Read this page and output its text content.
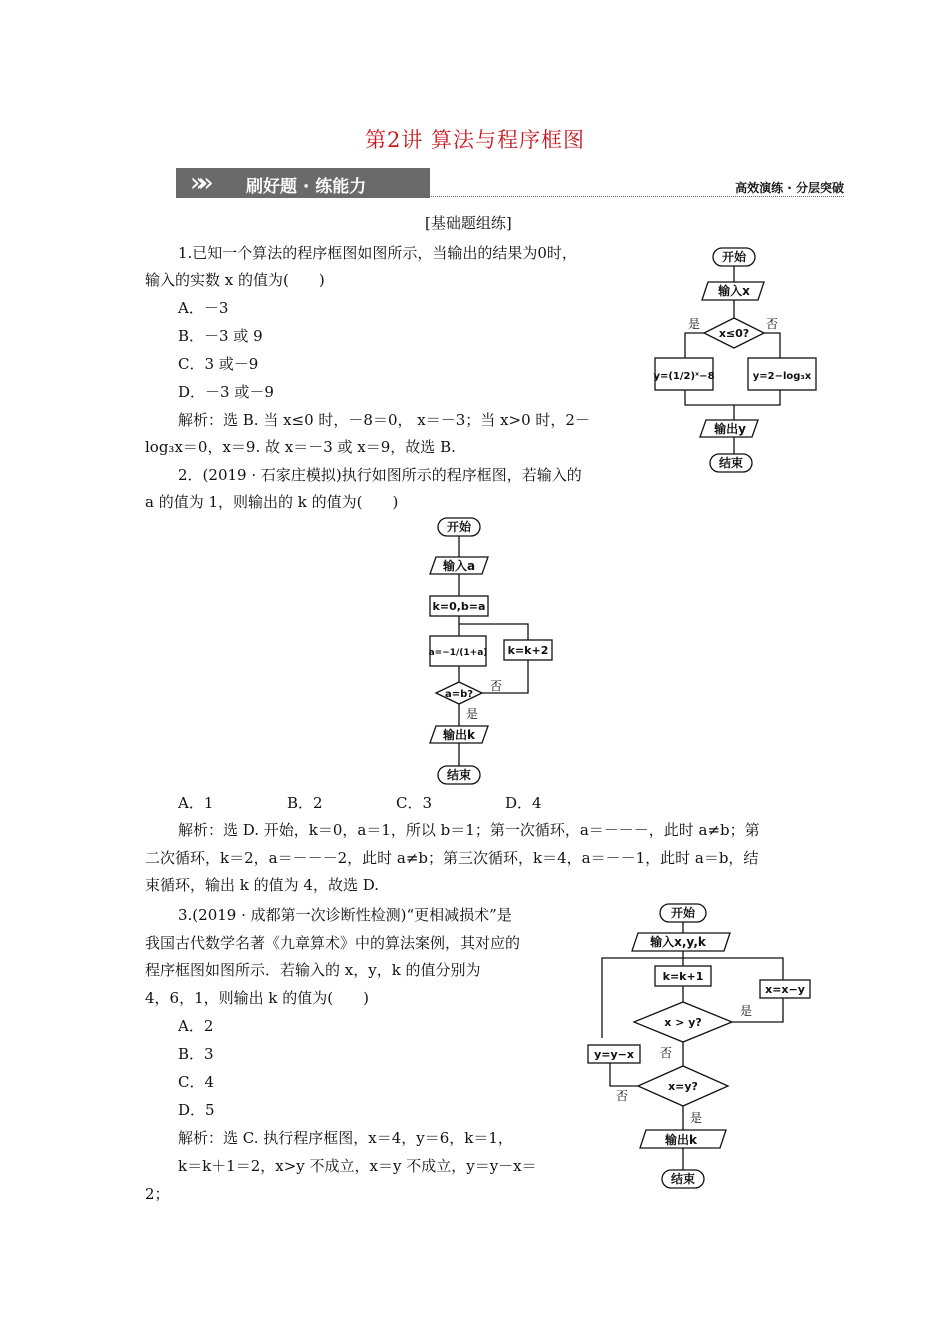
第2讲 算法与程序框图
»» 刷好题 · 练能力	高效演练 · 分层突破
[基础题组练]
1.已知一个算法的程序框图如图所示，当输出的结果为0时，
输入的实数 x 的值为(　　)
A．－3
B．－3 或 9
C．3 或－9
D．－3 或－9
解析：选 B. 当 x≤0 时，－8＝0， x＝－3；当 x>0 时，2－
log₃x＝0，x＝9. 故 x＝－3 或 x＝9，故选 B.
开始
输入x
x≤0?
y=(1/2)ˣ−8	y=2−log₃x
输出y
结束
是	否
2．(2019 · 石家庄模拟)执行如图所示的程序框图，若输入的
a 的值为 1，则输出的 k 的值为(　　)
开始
输入a
k=0,b=a
a=−1/(1+a) k=k+2
a=b?
输出k
结束
否
是
A．1	B．2	C．3	D．4
解析：选 D. 开始，k＝0，a＝1，所以 b＝1；第一次循环，a＝－－－，此时 a≠b；第
二次循环，k＝2，a＝－－－2，此时 a≠b；第三次循环，k＝4，a＝－－1，此时 a＝b，结
束循环，输出 k 的值为 4，故选 D.
3.(2019 · 成都第一次诊断性检测)“更相减损术”是
我国古代数学名著《九章算术》中的算法案例，其对应的
程序框图如图所示．若输入的 x，y，k 的值分别为
4，6，1，则输出 k 的值为(　　)
A．2
B．3
C．4
D．5
解析：选 C. 执行程序框图，x＝4，y＝6，k＝1，
k＝k＋1＝2，x>y 不成立，x＝y 不成立，y＝y－x＝
2；
开始
输入x,y,k
k=k+1
x > y?
x=x−y
y=y−x
x=y?
输出k
结束
是
否
否
是
